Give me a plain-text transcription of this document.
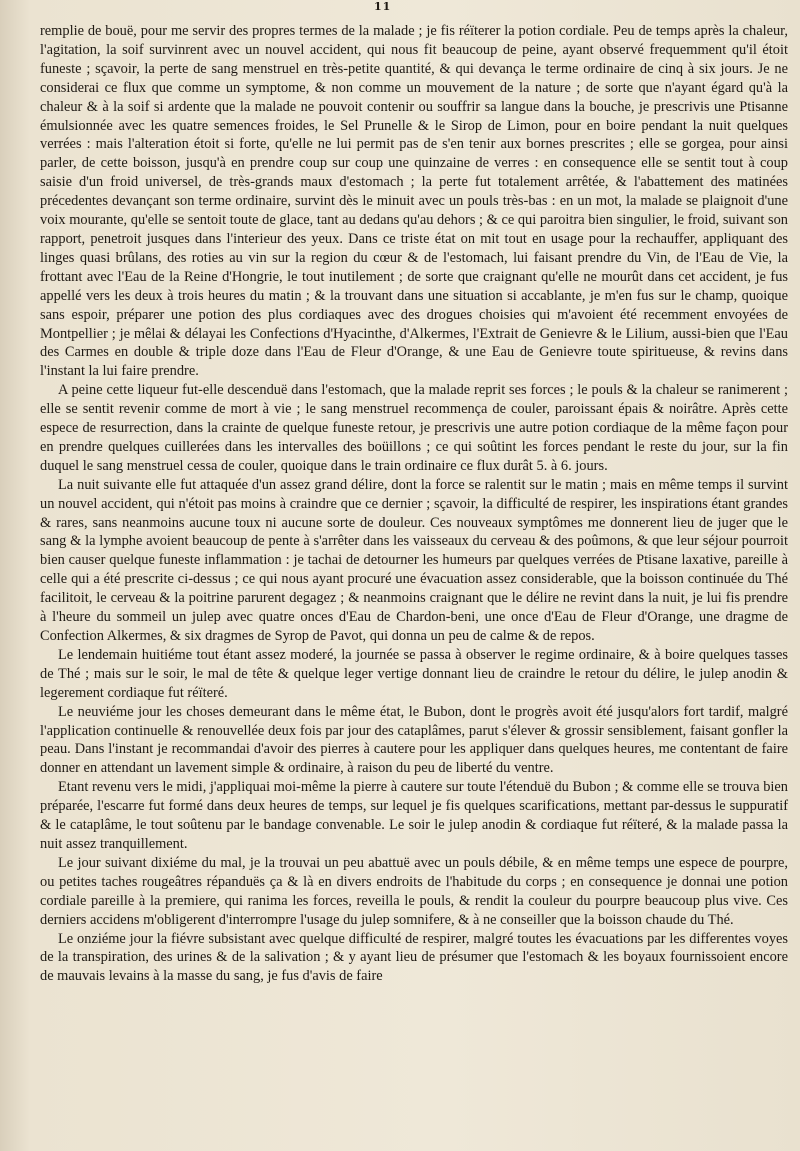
11

remplie de bouë, pour me servir des propres termes de la malade ; je fis réïterer la potion cordiale. Peu de temps après la chaleur, l'agitation, la soif survinrent avec un nouvel accident, qui nous fit beaucoup de peine, ayant observé frequemment qu'il étoit funeste ; sçavoir, la perte de sang menstruel en très-petite quantité, & qui devança le terme ordinaire de cinq à six jours. Je ne considerai ce flux que comme un symptome, & non comme un mouvement de la nature ; de sorte que n'ayant égard qu'à la chaleur & à la soif si ardente que la malade ne pouvoit contenir ou souffrir sa langue dans la bouche, je prescrivis une Ptisanne émulsionnée avec les quatre semences froides, le Sel Prunelle & le Sirop de Limon, pour en boire pendant la nuit quelques verrées : mais l'alteration étoit si forte, qu'elle ne lui permit pas de s'en tenir aux bornes prescrites ; elle se gorgea, pour ainsi parler, de cette boisson, jusqu'à en prendre coup sur coup une quinzaine de verres : en consequence elle se sentit tout à coup saisie d'un froid universel, de très-grands maux d'estomach ; la perte fut totalement arrêtée, & l'abattement des matinées précedentes devançant son terme ordinaire, survint dès le minuit avec un pouls très-bas : en un mot, la malade se plaignoit d'une voix mourante, qu'elle se sentoit toute de glace, tant au dedans qu'au dehors ; & ce qui paroitra bien singulier, le froid, suivant son rapport, penetroit jusques dans l'interieur des yeux. Dans ce triste état on mit tout en usage pour la rechauffer, appliquant des linges quasi brûlans, des roties au vin sur la region du cœur & de l'estomach, lui faisant prendre du Vin, de l'Eau de Vie, la frottant avec l'Eau de la Reine d'Hongrie, le tout inutilement ; de sorte que craignant qu'elle ne mourût dans cet accident, je fus appellé vers les deux à trois heures du matin ; & la trouvant dans une situation si accablante, je m'en fus sur le champ, quoique sans espoir, préparer une potion des plus cordiaques avec des drogues choisies qui m'avoient été recemment envoyées de Montpellier ; je mêlai & délayai les Confections d'Hyacinthe, d'Alkermes, l'Extrait de Genievre & le Lilium, aussi-bien que l'Eau des Carmes en double & triple doze dans l'Eau de Fleur d'Orange, & une Eau de Genievre toute spiritueuse, & revins dans l'instant la lui faire prendre.

A peine cette liqueur fut-elle descenduë dans l'estomach, que la malade reprit ses forces ; le pouls & la chaleur se ranimerent ; elle se sentit revenir comme de mort à vie ; le sang menstruel recommença de couler, paroissant épais & noirâtre. Après cette espece de resurrection, dans la crainte de quelque funeste retour, je prescrivis une autre potion cordiaque de la même façon pour en prendre quelques cuillerées dans les intervalles des boüillons ; ce qui soûtint les forces pendant le reste du jour, sur la fin duquel le sang menstruel cessa de couler, quoique dans le train ordinaire ce flux durât 5. à 6. jours.

La nuit suivante elle fut attaquée d'un assez grand délire, dont la force se ralentit sur le matin ; mais en même temps il survint un nouvel accident, qui n'étoit pas moins à craindre que ce dernier ; sçavoir, la difficulté de respirer, les inspirations étant grandes & rares, sans neanmoins aucune toux ni aucune sorte de douleur. Ces nouveaux symptômes me donnerent lieu de juger que le sang & la lymphe avoient beaucoup de pente à s'arrêter dans les vaisseaux du cerveau & des poûmons, & que leur séjour pourroit bien causer quelque funeste inflammation : je tachai de detourner les humeurs par quelques verrées de Ptisane laxative, pareille à celle qui a été prescrite ci-dessus ; ce qui nous ayant procuré une évacuation assez considerable, que la boisson continuée du Thé facilitoit, le cerveau & la poitrine parurent degagez ; & neanmoins craignant que le délire ne revint dans la nuit, je lui fis prendre à l'heure du sommeil un julep avec quatre onces d'Eau de Chardon-beni, une once d'Eau de Fleur d'Orange, une dragme de Confection Alkermes, & six dragmes de Syrop de Pavot, qui donna un peu de calme & de repos.

Le lendemain huitiéme tout étant assez moderé, la journée se passa à observer le regime ordinaire, & à boire quelques tasses de Thé ; mais sur le soir, le mal de tête & quelque leger vertige donnant lieu de craindre le retour du délire, le julep anodin & legerement cordiaque fut réïteré.

Le neuviéme jour les choses demeurant dans le même état, le Bubon, dont le progrès avoit été jusqu'alors fort tardif, malgré l'application continuelle & renouvellée deux fois par jour des cataplâmes, parut s'élever & grossir sensiblement, faisant gonfler la peau. Dans l'instant je recommandai d'avoir des pierres à cautere pour les appliquer dans quelques heures, me contentant de faire donner en attendant un lavement simple & ordinaire, à raison du peu de liberté du ventre.

Etant revenu vers le midi, j'appliquai moi-même la pierre à cautere sur toute l'étenduë du Bubon ; & comme elle se trouva bien préparée, l'escarre fut formé dans deux heures de temps, sur lequel je fis quelques scarifications, mettant par-dessus le suppuratif & le cataplâme, le tout soûtenu par le bandage convenable. Le soir le julep anodin & cordiaque fut réïteré, & la malade passa la nuit assez tranquillement.

Le jour suivant dixiéme du mal, je la trouvai un peu abattuë avec un pouls débile, & en même temps une espece de pourpre, ou petites taches rougeâtres répanduës ça & là en divers endroits de l'habitude du corps ; en consequence je donnai une potion cordiale pareille à la premiere, qui ranima les forces, reveilla le pouls, & rendit la couleur du pourpre beaucoup plus vive. Ces derniers accidens m'obligerent d'interrompre l'usage du julep somnifere, & à ne conseiller que la boisson chaude du Thé.

Le onziéme jour la fiévre subsistant avec quelque difficulté de respirer, malgré toutes les évacuations par les differentes voyes de la transpiration, des urines & de la salivation ; & y ayant lieu de présumer que l'estomach & les boyaux fournissoient encore de mauvais levains à la masse du sang, je fus d'avis de faire
